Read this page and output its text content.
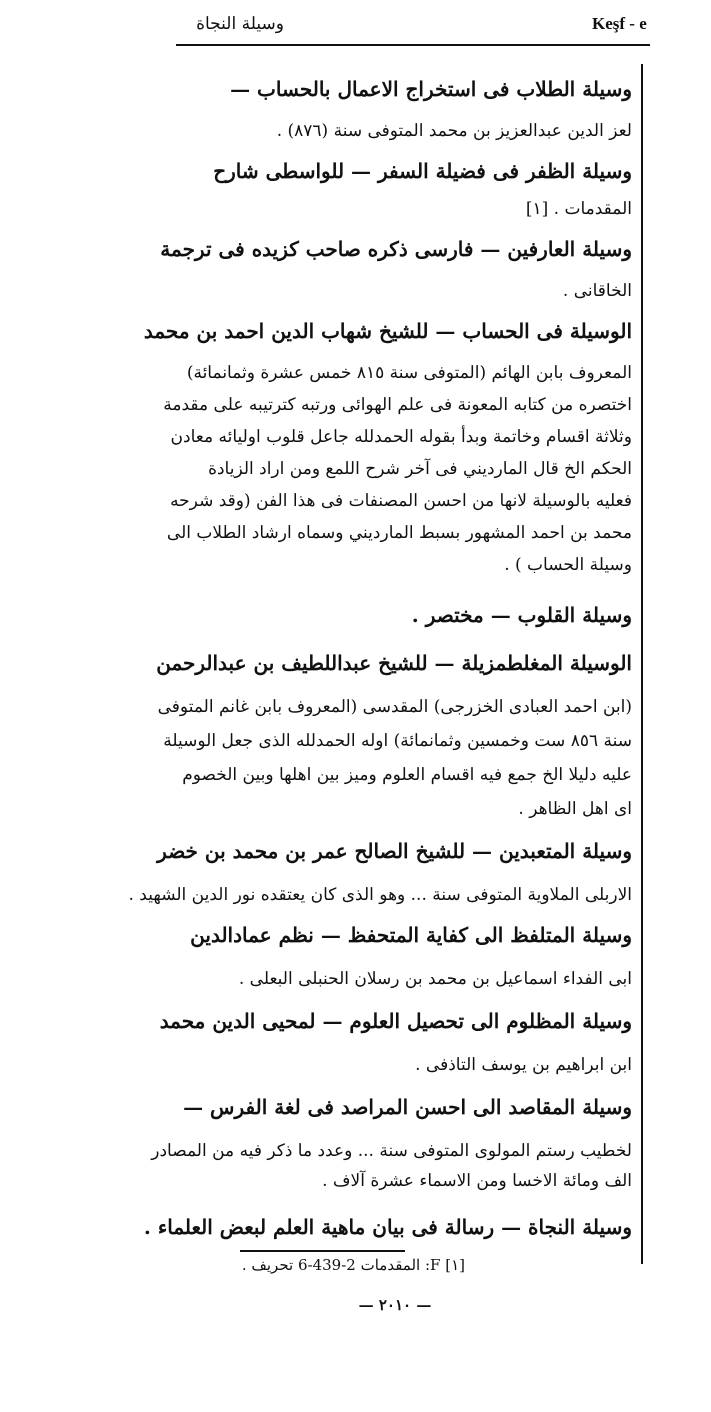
وسيلة النجاة	Keşf - e
وسيلة الطلاب فى استخراج الاعمال بالحساب —
لعز الدين عبدالعزيز بن محمد المتوفى سنة (٨٧٦) .
وسيلة الظفر فى فضيلة السفر — للواسطى شارح
المقدمات . [١]
وسيلة العارفين — فارسى ذكره صاحب كزيده فى ترجمة
الخاقانى .
الوسيلة فى الحساب — للشيخ شهاب الدين احمد بن محمد
المعروف بابن الهائم (المتوفى سنة ٨١٥ خمس عشرة وثمانمائة)
اختصره من كتابه المعونة فى علم الهوائى ورتبه كترتيبه على مقدمة
وثلاثة اقسام وخاتمة وبدأ بقوله الحمدلله جاعل قلوب اوليائه معادن
الحكم الخ قال المارديني فى آخر شرح اللمع ومن اراد الزيادة
فعليه بالوسيلة لانها من احسن المصنفات فى هذا الفن (وقد شرحه
محمد بن احمد المشهور بسبط المارديني وسماه ارشاد الطلاب الى
وسيلة الحساب ) .
وسيلة القلوب — مختصر .
الوسيلة المغلطمزيلة — للشيخ عبداللطيف بن عبدالرحمن
(ابن احمد العبادى الخزرجى) المقدسى (المعروف بابن غانم المتوفى
سنة ٨٥٦ ست وخمسين وثمانمائة) اوله الحمدلله الذى جعل الوسيلة
عليه دليلا الخ جمع فيه اقسام العلوم وميز بين اهلها وبين الخصوم
اى اهل الظاهر .
وسيلة المتعبدين — للشيخ الصالح عمر بن محمد بن خضر
الاربلى الملاوية المتوفى سنة ... وهو الذى كان يعتقده نور الدين الشهيد .
وسيلة المتلفظ الى كفاية المتحفظ — نظم عمادالدين
ابى الفداء اسماعيل بن محمد بن رسلان الحنبلى البعلى .
وسيلة المظلوم الى تحصيل العلوم — لمحيى الدين محمد
ابن ابراهيم بن يوسف التاذفى .
وسيلة المقاصد الى احسن المراصد فى لغة الفرس —
لخطيب رستم المولوى المتوفى سنة ... وعدد ما ذكر فيه من المصادر
الف ومائة الاخسا ومن الاسماء عشرة آلاف .
وسيلة النجاة — رسالة فى بيان ماهية العلم لبعض العلماء .
[١] F: المقدمات 2-439-6 تحريف .
— ٢٠١٠ —
